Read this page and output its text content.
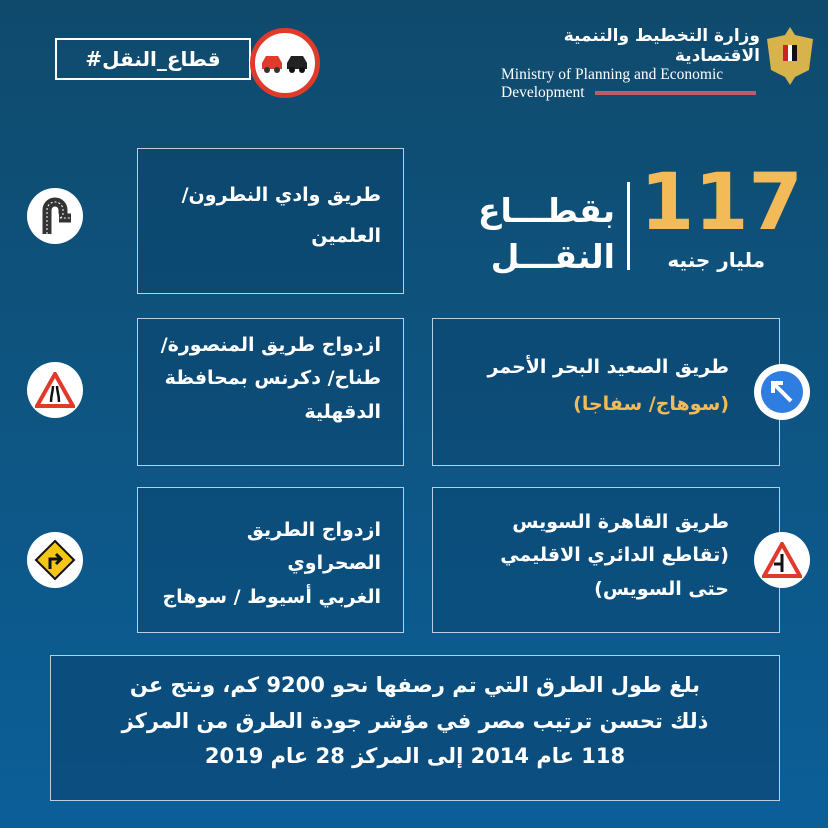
#قطاع_النقل
وزارة التخطيط والتنمية الاقتصادية
Ministry of Planning and Economic
Development
117
مليار جنيه
بقطـــاع
النقـــل
طريق وادي النطرون/
العلمين
ازدواج طريق المنصورة/
طناح/ دكرنس بمحافظة
الدقهلية
طريق الصعيد البحر الأحمر
(سوهاج/ سفاجا)
ازدواج الطريق الصحراوي
الغربي أسيوط / سوهاج
طريق القاهرة السويس
(تقاطع الدائري الاقليمي
حتى السويس)
بلغ طول الطرق التي تم رصفها نحو 9200 كم، ونتج عن
ذلك تحسن ترتيب مصر في مؤشر جودة الطرق من المركز
118 عام 2014 إلى المركز 28 عام 2019
